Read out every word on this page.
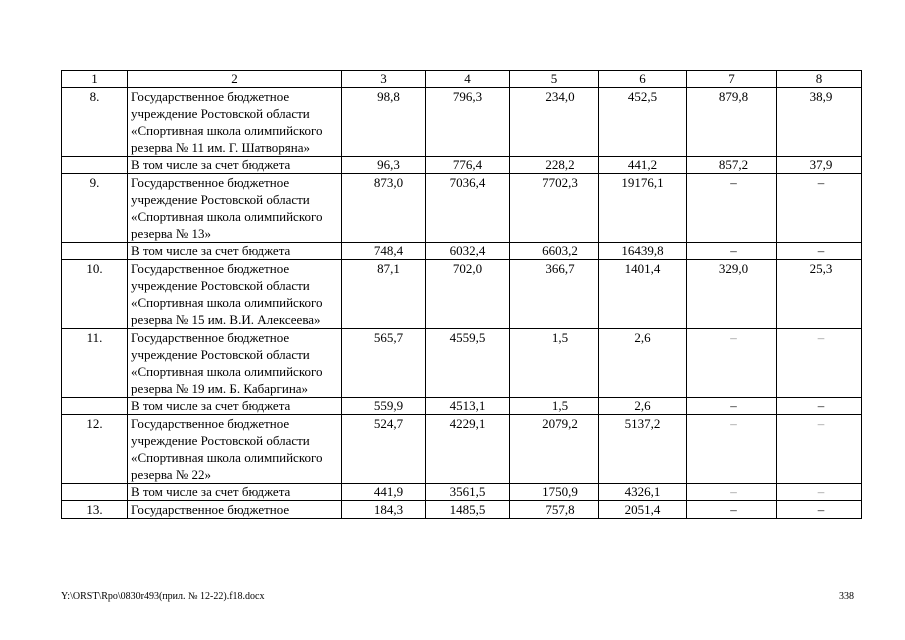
1	2	3	4	5	6	7	8
8.	Государственное бюджетное учреждение Ростовской области «Спортивная школа олимпийского резерва № 11 им. Г. Шатворяна»	98,8	796,3	234,0	452,5	879,8	38,9
	В том числе за счет бюджета	96,3	776,4	228,2	441,2	857,2	37,9
9.	Государственное бюджетное учреждение Ростовской области «Спортивная школа олимпийского резерва № 13»	873,0	7036,4	7702,3	19176,1	–	–
	В том числе за счет бюджета	748,4	6032,4	6603,2	16439,8	–	–
10.	Государственное бюджетное учреждение Ростовской области «Спортивная школа олимпийского резерва № 15 им. В.И. Алексеева»	87,1	702,0	366,7	1401,4	329,0	25,3
11.	Государственное бюджетное учреждение Ростовской области «Спортивная школа олимпийского резерва № 19 им. Б. Кабаргина»	565,7	4559,5	1,5	2,6	–	–
	В том числе за счет бюджета	559,9	4513,1	1,5	2,6	–	–
12.	Государственное бюджетное учреждение Ростовской области «Спортивная школа олимпийского резерва № 22»	524,7	4229,1	2079,2	5137,2	–	–
	В том числе за счет бюджета	441,9	3561,5	1750,9	4326,1	–	–
13.	Государственное бюджетное	184,3	1485,5	757,8	2051,4	–	–
Y:\ORST\Rpo\0830r493(прил. № 12-22).f18.docx	338
